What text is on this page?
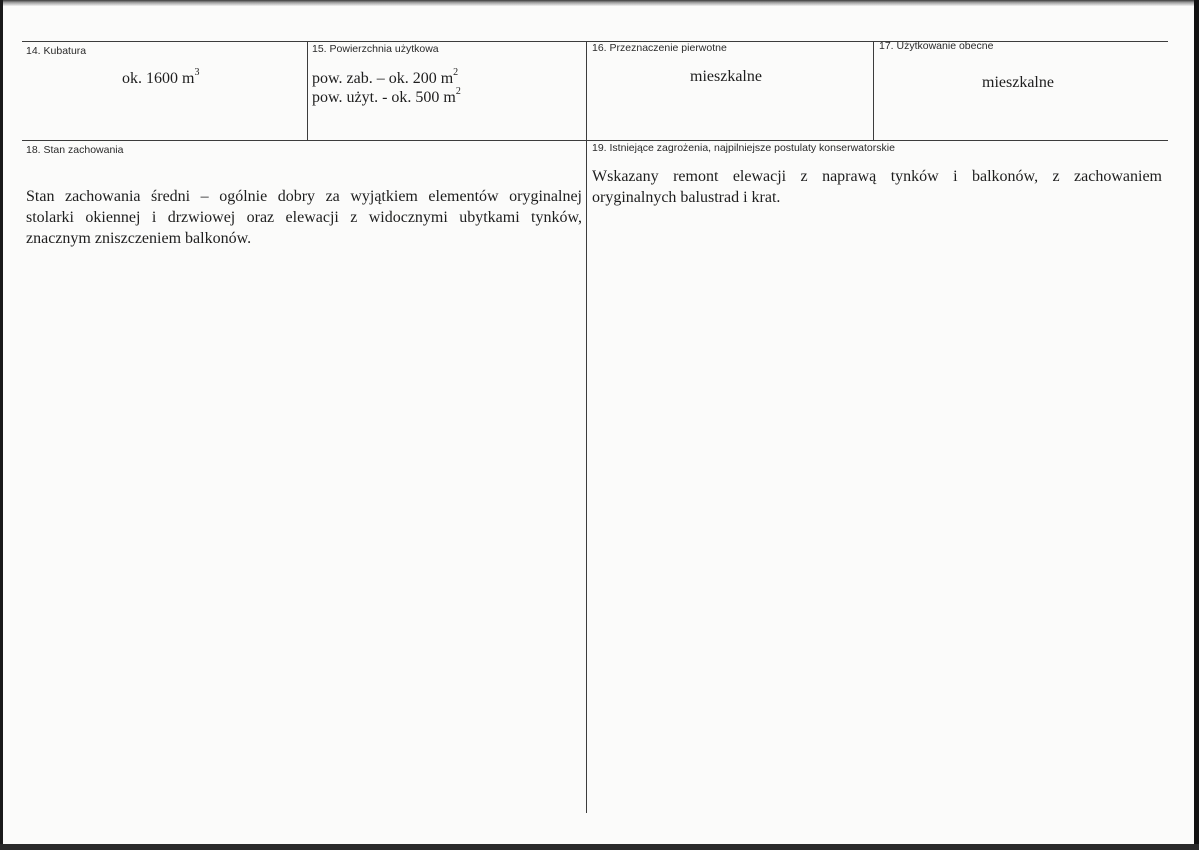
14. Kubatura
ok. 1600 $m^3$
15. Powierzchnia użytkowa
pow. zab. – ok. 200 $m^2$
pow. użyt. - ok. 500 $m^2$
16. Przeznaczenie pierwotne
mieszkalne
17. Użytkowanie obecne
mieszkalne
18. Stan zachowania
Stan zachowania średni – ogólnie dobry za wyjątkiem elementów oryginalnej
stolarki okiennej i drzwiowej oraz elewacji z widocznymi ubytkami tynków,
znacznym zniszczeniem balkonów.
19. Istniejące zagrożenia, najpilniejsze postulaty konserwatorskie
Wskazany remont elewacji z naprawą tynków i balkonów, z zachowaniem
oryginalnych balustrad i krat.
